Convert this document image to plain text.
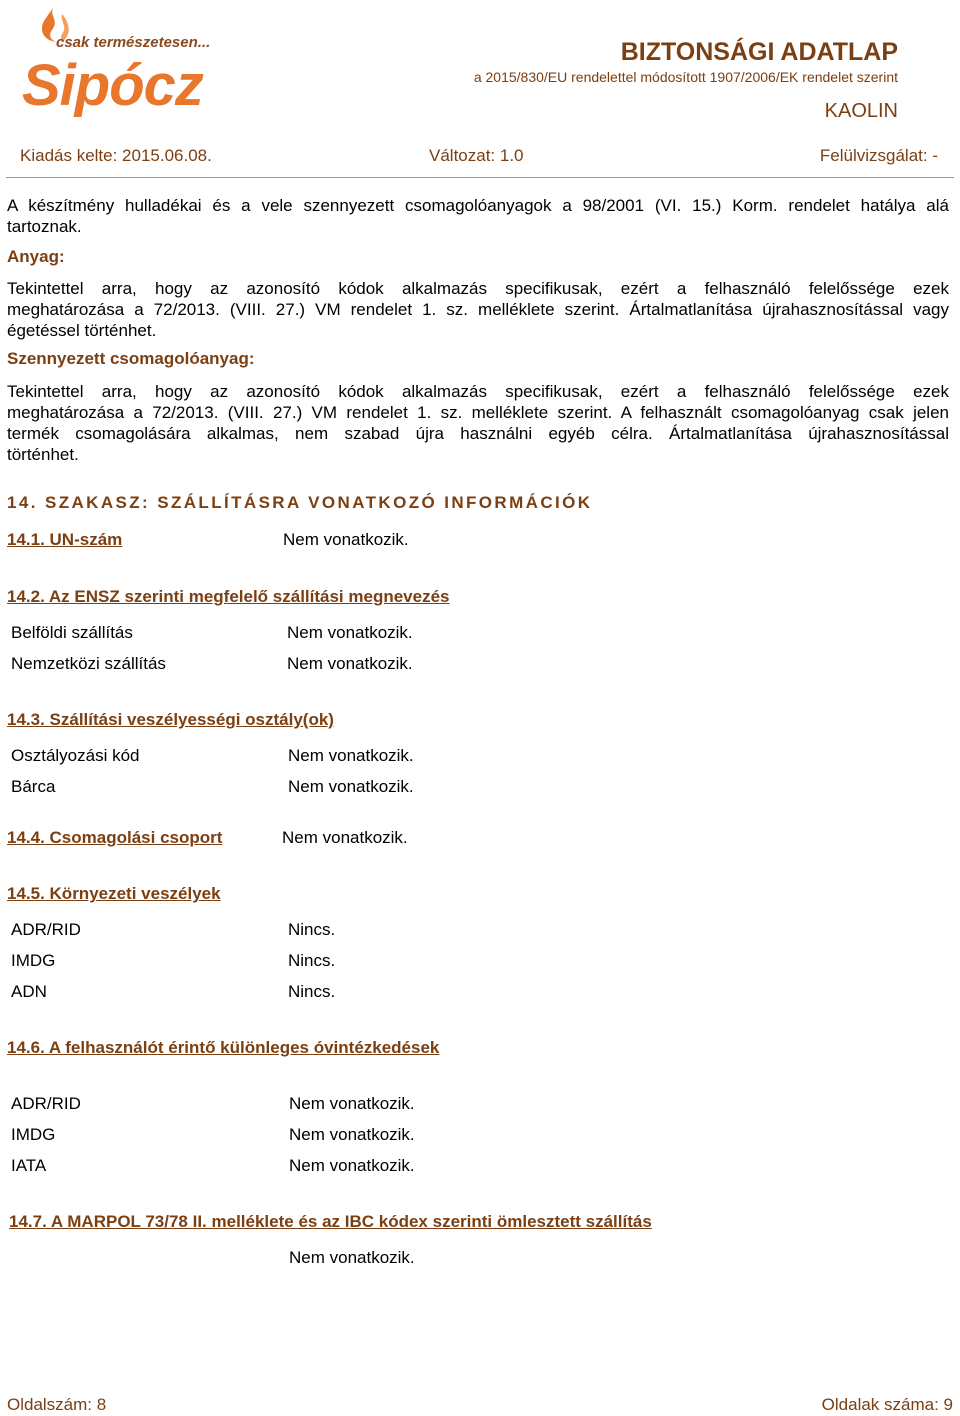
csak természetesen...
Sipócz
BIZTONSÁGI ADATLAP
a 2015/830/EU rendelettel módosított 1907/2006/EK rendelet szerint
KAOLIN
Kiadás kelte: 2015.06.08.	Változat: 1.0	Felülvizsgálat: -
A készítmény hulladékai és a vele szennyezett csomagolóanyagok a 98/2001 (VI. 15.) Korm. rendelet hatálya alá
tartoznak.
Anyag:
Tekintettel arra, hogy az azonosító kódok alkalmazás specifikusak, ezért a felhasználó felelőssége ezek
meghatározása a 72/2013. (VIII. 27.) VM rendelet 1. sz. melléklete szerint. Ártalmatlanítása újrahasznosítással vagy
égetéssel történhet.
Szennyezett csomagolóanyag:
Tekintettel arra, hogy az azonosító kódok alkalmazás specifikusak, ezért a felhasználó felelőssége ezek
meghatározása a 72/2013. (VIII. 27.) VM rendelet 1. sz. melléklete szerint. A felhasznált csomagolóanyag csak jelen
termék csomagolására alkalmas, nem szabad újra használni egyéb célra. Ártalmatlanítása újrahasznosítással
történhet.
14. SZAKASZ: SZÁLLÍTÁSRA VONATKOZÓ INFORMÁCIÓK
14.1. UN-szám	Nem vonatkozik.
14.2. Az ENSZ szerinti megfelelő szállítási megnevezés
Belföldi szállítás	Nem vonatkozik.
Nemzetközi szállítás	Nem vonatkozik.
14.3. Szállítási veszélyességi osztály(ok)
Osztályozási kód	Nem vonatkozik.
Bárca	Nem vonatkozik.
14.4. Csomagolási csoport	Nem vonatkozik.
14.5. Környezeti veszélyek
ADR/RID	Nincs.
IMDG	Nincs.
ADN	Nincs.
14.6. A felhasználót érintő különleges óvintézkedések
ADR/RID	Nem vonatkozik.
IMDG	Nem vonatkozik.
IATA	Nem vonatkozik.
14.7. A MARPOL 73/78 II. melléklete és az IBC kódex szerinti ömlesztett szállítás
Nem vonatkozik.
Oldalszám: 8	Oldalak száma: 9
